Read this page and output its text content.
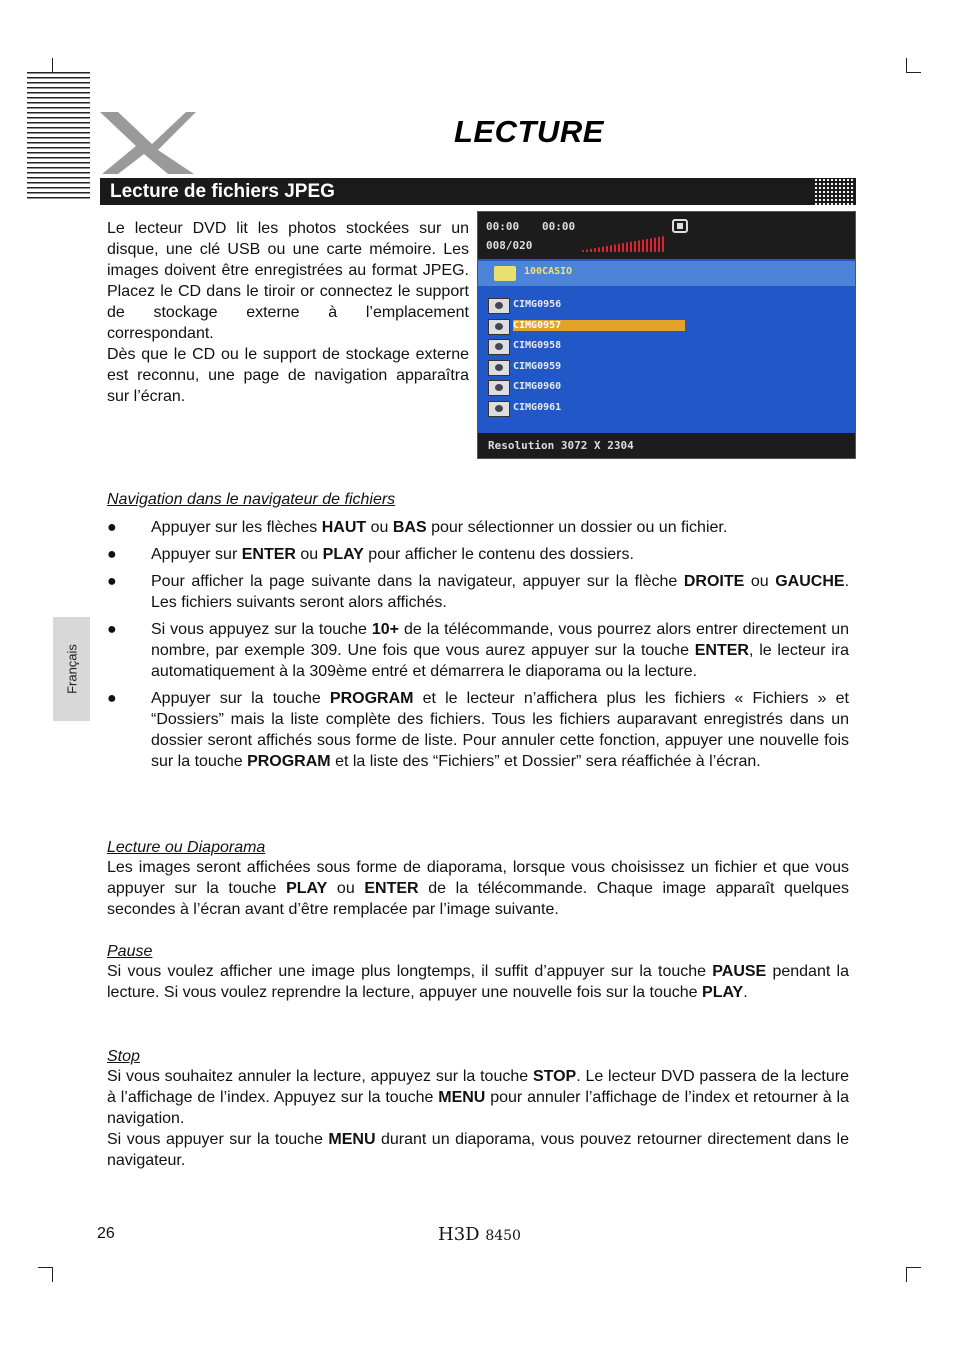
LECTURE
Lecture de fichiers JPEG
Le lecteur DVD lit les photos stockées sur un disque, une clé USB ou une carte mémoire. Les images doivent être enregistrées au format JPEG. Placez le CD dans le tiroir or connectez le support de stockage externe à l’emplacement correspondant.
Dès que le CD ou le support de stockage externe est reconnu, une page de navigation apparaîtra sur l’écran.
00:00 00:00
008/020
100CASIO
CIMG0956
CIMG0957
CIMG0958
CIMG0959
CIMG0960
CIMG0961
Resolution 3072 X 2304
Navigation dans le navigateur de fichiers
● Appuyer sur les flèches HAUT ou BAS pour sélectionner un dossier ou un fichier.
● Appuyer sur ENTER ou PLAY pour afficher le contenu des dossiers.
● Pour afficher la page suivante dans la navigateur, appuyer sur la flèche DROITE ou GAUCHE. Les fichiers suivants seront alors affichés.
● Si vous appuyez sur la touche 10+ de la télécommande, vous pourrez alors entrer directement un nombre, par exemple 309. Une fois que vous aurez appuyer sur la touche ENTER, le lecteur ira automatiquement à la 309ème entré et démarrera le diaporama ou la lecture.
● Appuyer sur la touche PROGRAM et le lecteur n’affichera plus les fichiers « Fichiers » et “Dossiers” mais la liste complète des fichiers. Tous les fichiers auparavant enregistrés dans un dossier seront affichés sous forme de liste. Pour annuler cette fonction, appuyer une nouvelle fois sur la touche PROGRAM et la liste des “Fichiers” et Dossier” sera réaffichée à l’écran.
Lecture ou Diaporama
Les images seront affichées sous forme de diaporama, lorsque vous choisissez un fichier et que vous appuyer sur la touche PLAY ou ENTER de la télécommande. Chaque image apparaît quelques secondes à l’écran avant d’être remplacée par l’image suivante.
Pause
Si vous voulez afficher une image plus longtemps, il suffit d’appuyer sur la touche PAUSE pendant la lecture. Si vous voulez reprendre la lecture, appuyer une nouvelle fois sur la touche PLAY.
Stop
Si vous souhaitez annuler la lecture, appuyez sur la touche STOP. Le lecteur DVD passera de la lecture à l’affichage de l’index. Appuyez sur la touche MENU pour annuler l’affichage de l’index et retourner à la navigation.
Si vous appuyer sur la touche MENU durant un diaporama, vous pouvez retourner directement dans le navigateur.
Français
26	H3D 8450
